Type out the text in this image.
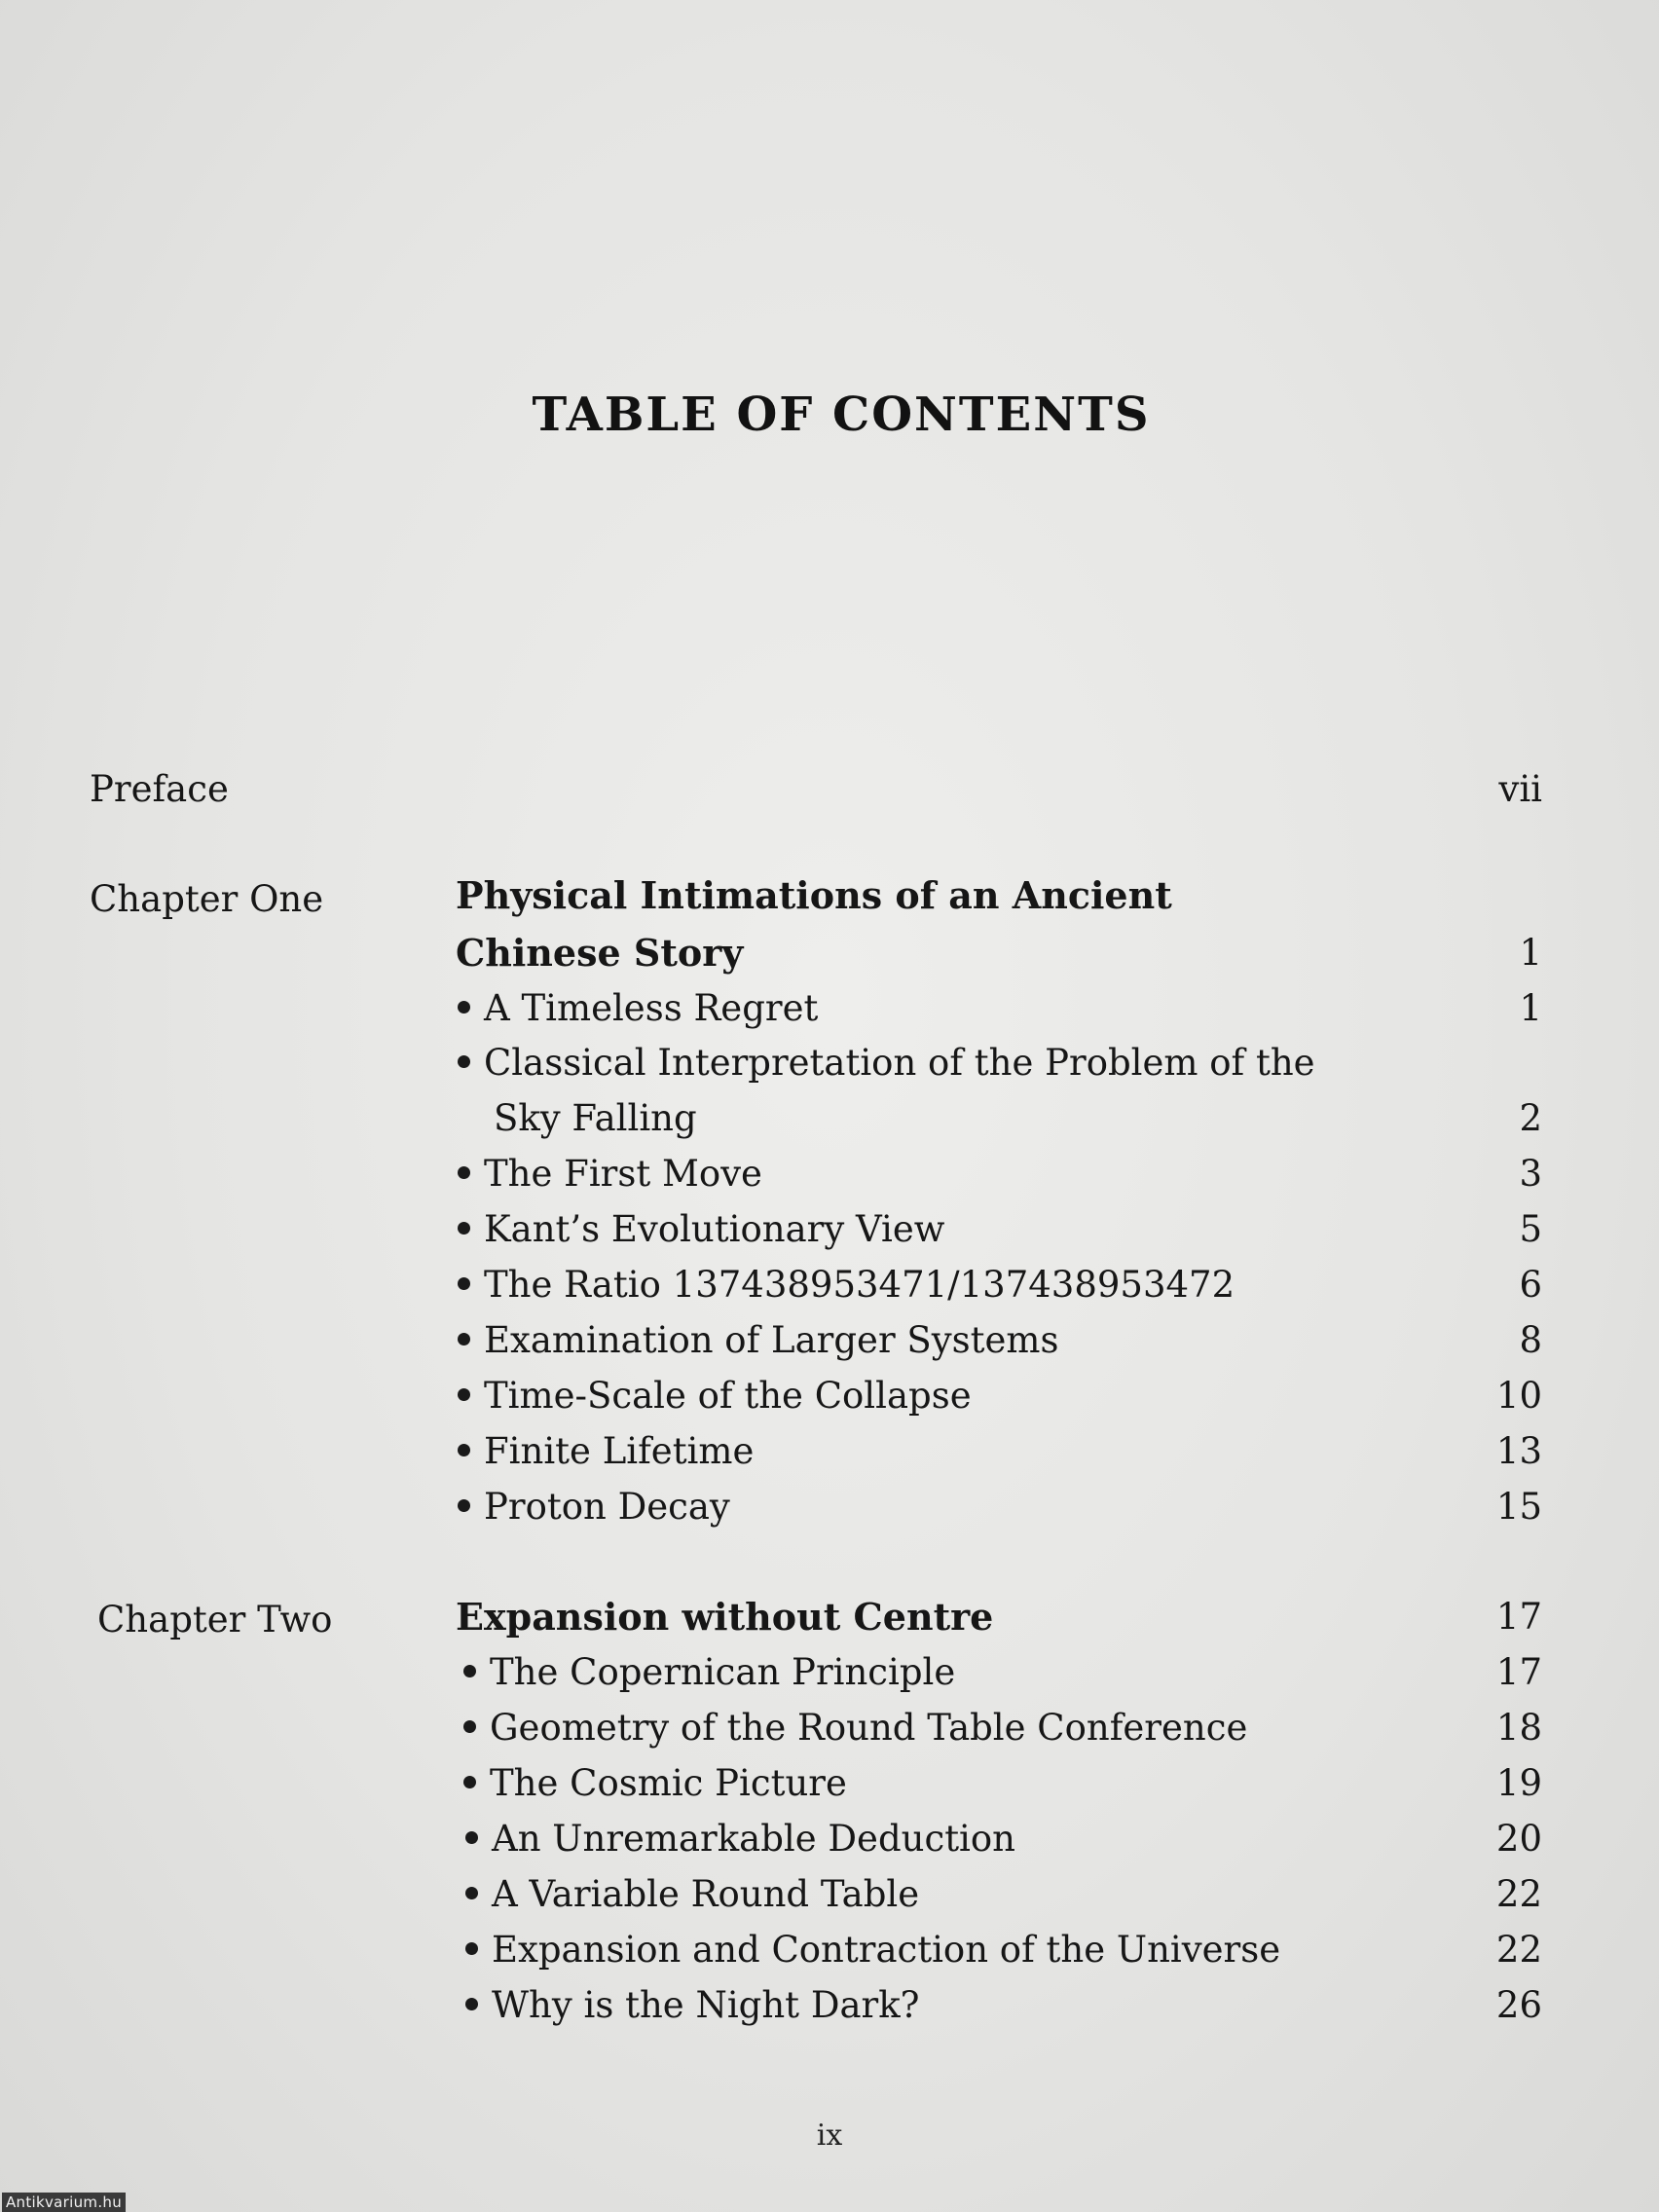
TABLE OF CONTENTS
Preface	vii
Chapter One	Physical Intimations of an Ancient
Chinese Story	1
A Timeless Regret	1
Classical Interpretation of the Problem of the
Sky Falling	2
The First Move	3
Kant’s Evolutionary View	5
The Ratio 137438953471/137438953472	6
Examination of Larger Systems	8
Time-Scale of the Collapse	10
Finite Lifetime	13
Proton Decay	15
Chapter Two	Expansion without Centre	17
The Copernican Principle	17
Geometry of the Round Table Conference	18
The Cosmic Picture	19
An Unremarkable Deduction	20
A Variable Round Table	22
Expansion and Contraction of the Universe	22
Why is the Night Dark?	26
ix
Antikvarium.hu
